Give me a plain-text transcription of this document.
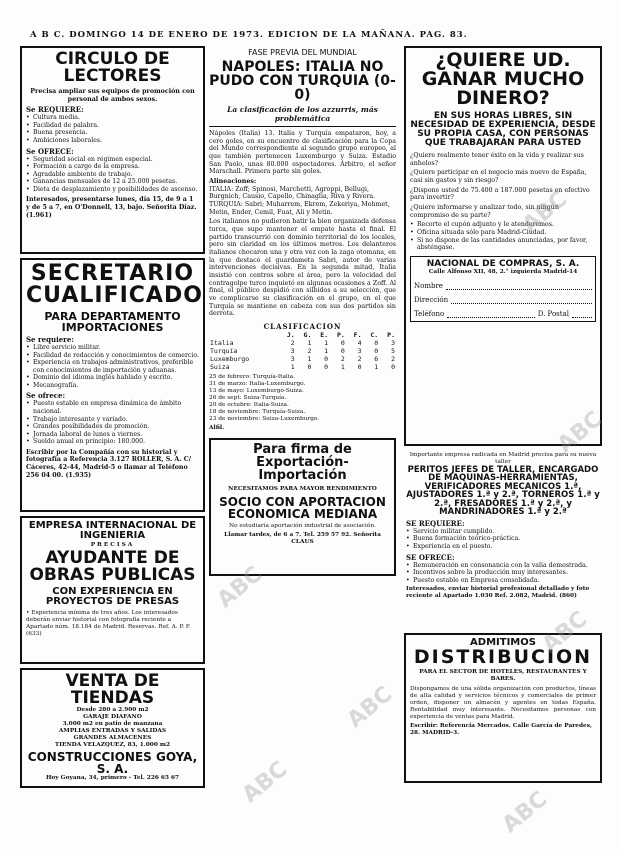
A B C. DOMINGO 14 DE ENERO DE 1973. EDICION DE LA MAÑANA. PAG. 83.
CIRCULO DE LECTORES
Precisa ampliar sus equipos de promoción con personal de ambos sexos.
Se REQUIERE:
• Cultura media.
• Facilidad de palabra.
• Buena presencia.
• Ambiciones laborales.
Se OFRECE:
• Seguridad social en régimen especial.
• Formación a cargo de la empresa.
• Agradable ambiente de trabajo.
• Ganancias mensuales de 12 a 25.000 pesetas.
• Dieta de desplazamiento y posibilidades de ascenso.
Interesados, presentarse lunes, día 15, de 9 a 1 y de 5 a 7, en O'Donnell, 13, bajo. Señorita Díaz. (1.961)
SECRETARIO CUALIFICADO
PARA DEPARTAMENTO IMPORTACIONES
Se requiere:
• Libre servicio militar.
• Facilidad de redacción y conocimientos de comercio.
• Experiencia en trabajos administrativos, preferible con conocimientos de importación y aduanas.
• Dominio del idioma inglés hablado y escrito.
• Mecanografía.
Se ofrece:
• Puesto estable en empresa dinámica de ámbito nacional.
• Trabajo interesante y variado.
• Grandes posibilidades de promoción.
• Jornada laboral de lunes a viernes.
• Sueldo anual en principio: 180.000.
Escribir por la Compañía con su historial y fotografía a Referencia 3.127 ROLLER, S. A. C/ Cáceres, 42-44, Madrid-5 o llamar al Teléfono 256 04 00. (1.935)
EMPRESA INTERNACIONAL DE INGENIERIA
PRECISA
AYUDANTE DE OBRAS PUBLICAS
CON EXPERIENCIA EN PROYECTOS DE PRESAS
• Experiencia mínima de tres años. Los interesados deberán enviar historial con fotografía reciente a Apartado núm. 18.184 de Madrid. Reservas. Ref. A. P. F. (633)
VENTA DE TIENDAS
Desde 280 a 2.900 m2
GARAJE DIAFANO
3.000 m2 en patio de manzana
AMPLIAS ENTRADAS Y SALIDAS
GRANDES ALMACENES
TIENDA VELAZQUEZ, 83, 1.000 m2
CONSTRUCCIONES GOYA, S. A.
Hoy Goyana, 34, primero - Tel. 226 65 67
FASE PREVIA DEL MUNDIAL
NAPOLES: ITALIA NO PUDO CON TURQUIA (0-0)
La clasificación de los azzurris, más problemática
Nápoles (Italia) 13. Italia y Turquía empataron, hoy, a cero goles, en su encuentro de clasificación para la Copa del Mundo correspondiente al segundo grupo europeo, al que también pertenecen Luxemburgo y Suiza. Estadio San Paolo, unas 80.000 espectadores. Árbitro, el señor Marschall. Primera parte sin goles.
Alineaciones:
ITALIA: Zoff; Spinosi, Marchetti, Agroppi, Bellugi, Burgnich, Causio, Capello, Chinaglia, Riva y Rivera.
TURQUIA: Sabri; Muharrem, Ekrem, Zekeriya, Mehmet, Metin, Ender, Cemil, Fuat, Ali y Metin.
Los italianos no pudieron batir la bien organizada defensa turca, que supo mantener el empate hasta el final. El partido transcurrió con dominio territorial de los locales, pero sin claridad en los últimos metros. Los delanteros italianos chocaron una y otra vez con la zaga otomana, en la que destacó el guardameta Sabri, autor de varias intervenciones decisivas. En la segunda mitad, Italia insistió con centros sobre el área, pero la velocidad del contragolpe turco inquietó en algunas ocasiones a Zoff. Al final, el público despidió con silbidos a su selección, que ve complicarse su clasificación en el grupo, en el que Turquía se mantiene en cabeza con sus dos partidos sin derrota.
CLASIFICACION
	J.	G.	E.	P.	F.	C.	P.
Italia	2	1	1	0	4	0	3
Turquía	3	2	1	0	3	0	5
Luxemburgo	3	1	0	2	2	6	2
Suiza	1	0	0	1	0	1	0
25 de febrero: Turquía-Italia.
31 de marzo: Italia-Luxemburgo.
13 de mayo: Luxemburgo-Suiza.
26 de sept: Suiza-Turquía.
20 de octubre: Italia-Suiza.
18 de noviembre: Turquía-Suiza.
23 de noviembre: Suiza-Luxemburgo.
Alfil.
Para firma de Exportación-Importación
NECESITAMOS PARA MAYOR RENDIMIENTO
SOCIO CON APORTACION ECONOMICA MEDIANA
No estudiaría aportación industrial de asociación.
Llamar tardes, de 6 a 7. Tel. 259 57 92. Señorita CLAUS
¿QUIERE UD. GANAR MUCHO DINERO?
EN SUS HORAS LIBRES, SIN NECESIDAD DE EXPERIENCIA, DESDE SU PROPIA CASA, CON PERSONAS QUE TRABAJARAN PARA USTED
¿Quiere realmente tener éxito en la vida y realizar sus anhelos?
¿Quiere participar en el negocio más nuevo de España, casi sin gastos y sin riesgo?
¿Dispone usted de 75.400 a 187.000 pesetas en efectivo para invertir?
¿Quiere informarse y analizar todo, sin ningún compromiso de su parte?
• Recorte el cupón adjunto y le atenderemos.
• Oficina situada sólo para Madrid-Ciudad.
• Si no dispone de las cantidades anunciadas, por favor, absténgase.
NACIONAL DE COMPRAS, S. A.
Calle Alfonso XII, 48, 2.° izquierda Madrid-14
Nombre
Dirección
Teléfono	D. Postal
Importante empresa radicada en Madrid precisa para su nueva taller
PERITOS JEFES DE TALLER, ENCARGADO DE MAQUINAS-HERRAMIENTAS, VERIFICADORES MECANICOS 1.ª, AJUSTADORES 1.ª y 2.ª, TORNEROS 1.ª y 2.ª, FRESADORES 1.ª y 2.ª, y MANDRINADORES 1.ª y 2.ª
SE REQUIERE:
• Servicio militar cumplido.
• Buena formación teórico-práctica.
• Experiencia en el puesto.
SE OFRECE:
• Remuneración en consonancia con la valía demostrada.
• Incentivos sobre la producción muy interesantes.
• Puesto estable en Empresa consolidada.
Interesados, enviar historial profesional detallado y foto reciente al Apartado 1.030 Ref. 2.082, Madrid. (860)
ADMITIMOS
DISTRIBUCION
PARA EL SECTOR DE HOTELES, RESTAURANTES Y BARES.
Dispongamos de una sólida organización con productos, líneas de alta calidad y servicios técnicos y comerciales de primer orden, disponer un almacén y agentes en todas España. Rentabilidad muy interesante. Necesitamos personas con experiencia de ventas para Madrid.
Escribir: Referencia Mercados. Calle García de Paredes, 28. MADRID-3.
ABC
ABC
ABC
ABC
ABC
ABC
ABC
